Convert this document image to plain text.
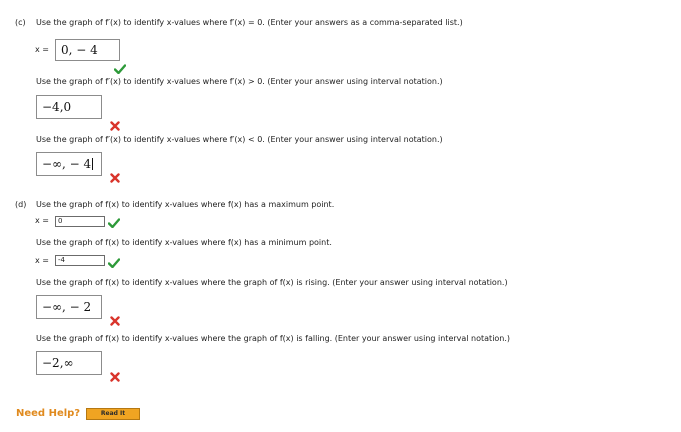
(c) Use the graph of f′(x) to identify x-values where f′(x) = 0. (Enter your answers as a comma-separated list.)
x =	0, − 4
Use the graph of f′(x) to identify x-values where f′(x) > 0. (Enter your answer using interval notation.)
−4,0
Use the graph of f′(x) to identify x-values where f′(x) < 0. (Enter your answer using interval notation.)
−∞, − 4
(d) Use the graph of f(x) to identify x-values where f(x) has a maximum point.
x =	0
Use the graph of f(x) to identify x-values where f(x) has a minimum point.
x =	-4
Use the graph of f(x) to identify x-values where the graph of f(x) is rising. (Enter your answer using interval notation.)
−∞, − 2
Use the graph of f(x) to identify x-values where the graph of f(x) is falling. (Enter your answer using interval notation.)
−2,∞
Need Help?	Read It
